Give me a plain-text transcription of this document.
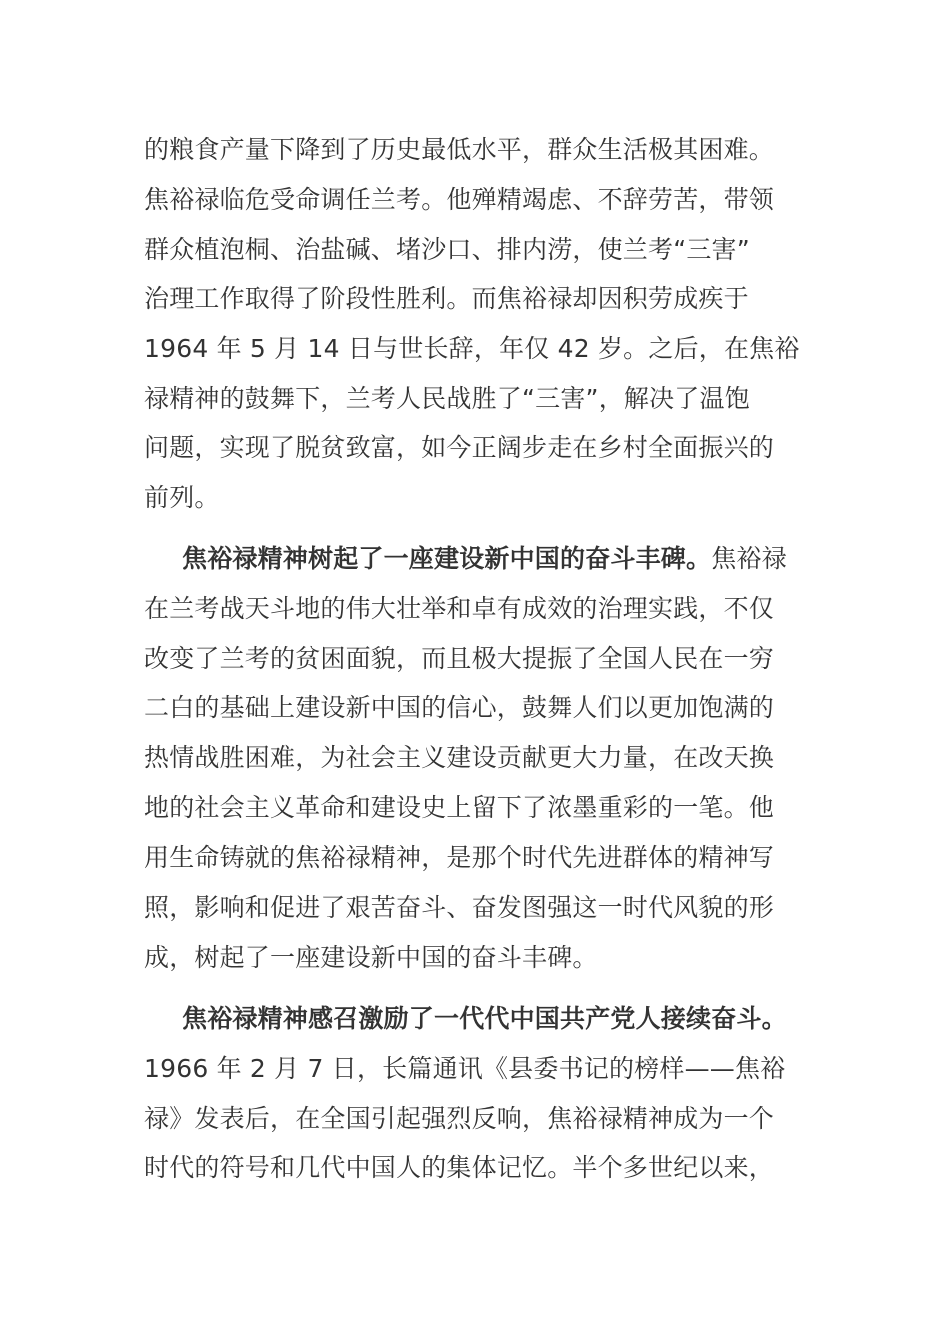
的粮食产量下降到了历史最低水平，群众生活极其困难。
焦裕禄临危受命调任兰考。他殚精竭虑、不辞劳苦，带领
群众植泡桐、治盐碱、堵沙口、排内涝，使兰考“三害”
治理工作取得了阶段性胜利。而焦裕禄却因积劳成疾于
1964 年 5 月 14 日与世长辞，年仅 42 岁。之后，在焦裕
禄精神的鼓舞下，兰考人民战胜了“三害”，解决了温饱
问题，实现了脱贫致富，如今正阔步走在乡村全面振兴的
前列。
焦裕禄精神树起了一座建设新中国的奋斗丰碑。焦裕禄
在兰考战天斗地的伟大壮举和卓有成效的治理实践，不仅
改变了兰考的贫困面貌，而且极大提振了全国人民在一穷
二白的基础上建设新中国的信心，鼓舞人们以更加饱满的
热情战胜困难，为社会主义建设贡献更大力量，在改天换
地的社会主义革命和建设史上留下了浓墨重彩的一笔。他
用生命铸就的焦裕禄精神，是那个时代先进群体的精神写
照，影响和促进了艰苦奋斗、奋发图强这一时代风貌的形
成，树起了一座建设新中国的奋斗丰碑。
焦裕禄精神感召激励了一代代中国共产党人接续奋斗。
1966 年 2 月 7 日，长篇通讯《县委书记的榜样——焦裕
禄》发表后，在全国引起强烈反响，焦裕禄精神成为一个
时代的符号和几代中国人的集体记忆。半个多世纪以来，
